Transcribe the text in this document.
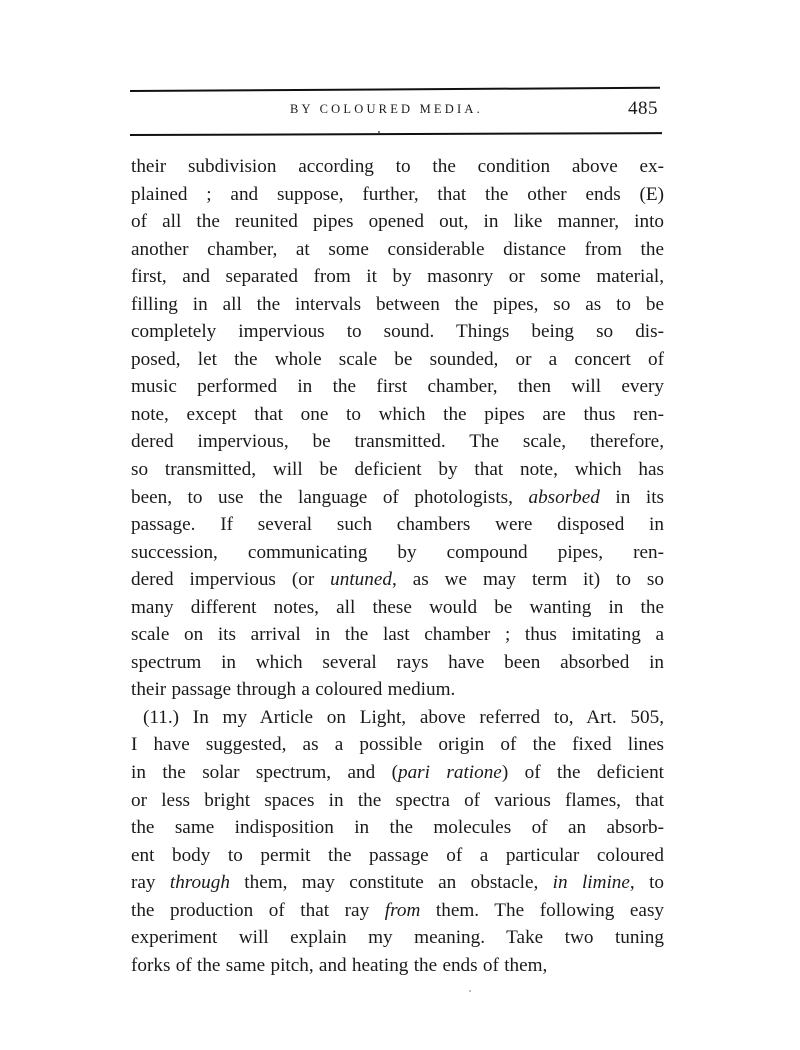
BY COLOURED MEDIA.	485
their subdivision according to the condition above ex-
plained ; and suppose, further, that the other ends (E)
of all the reunited pipes opened out, in like manner, into
another chamber, at some considerable distance from the
first, and separated from it by masonry or some material,
filling in all the intervals between the pipes, so as to be
completely impervious to sound. Things being so dis-
posed, let the whole scale be sounded, or a concert of
music performed in the first chamber, then will every
note, except that one to which the pipes are thus ren-
dered impervious, be transmitted. The scale, therefore,
so transmitted, will be deficient by that note, which has
been, to use the language of photologists, absorbed in its
passage. If several such chambers were disposed in
succession, communicating by compound pipes, ren-
dered impervious (or untuned, as we may term it) to so
many different notes, all these would be wanting in the
scale on its arrival in the last chamber ; thus imitating a
spectrum in which several rays have been absorbed in
their passage through a coloured medium.
(11.) In my Article on Light, above referred to, Art. 505,
I have suggested, as a possible origin of the fixed lines
in the solar spectrum, and (pari ratione) of the deficient
or less bright spaces in the spectra of various flames, that
the same indisposition in the molecules of an absorb-
ent body to permit the passage of a particular coloured
ray through them, may constitute an obstacle, in limine, to
the production of that ray from them. The following easy
experiment will explain my meaning. Take two tuning
forks of the same pitch, and heating the ends of them,
